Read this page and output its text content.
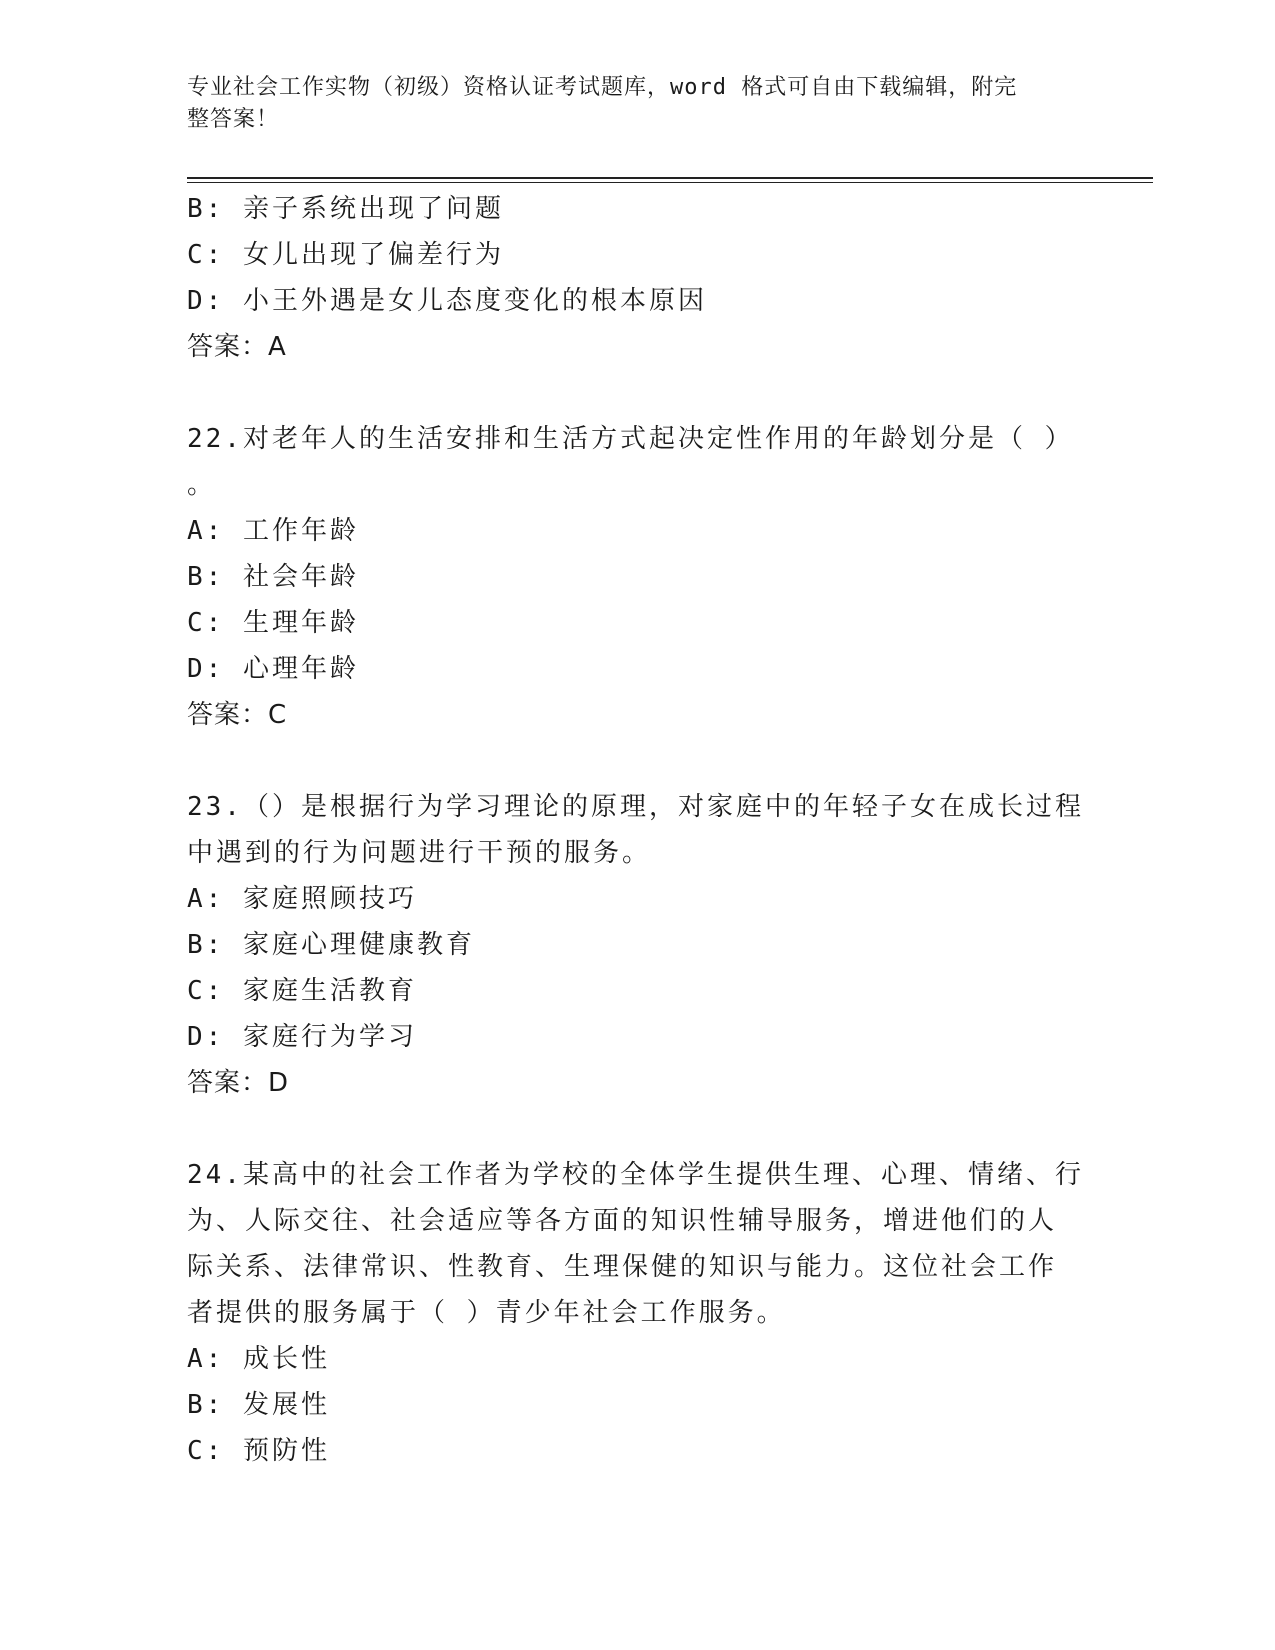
专业社会工作实物（初级）资格认证考试题库，word 格式可自由下载编辑，附完
整答案！
B: 亲子系统出现了问题
C: 女儿出现了偏差行为
D: 小王外遇是女儿态度变化的根本原因
答案：A
22.对老年人的生活安排和生活方式起决定性作用的年龄划分是（ ）
。
A: 工作年龄
B: 社会年龄
C: 生理年龄
D: 心理年龄
答案：C
23.（）是根据行为学习理论的原理，对家庭中的年轻子女在成长过程
中遇到的行为问题进行干预的服务。
A: 家庭照顾技巧
B: 家庭心理健康教育
C: 家庭生活教育
D: 家庭行为学习
答案：D
24.某高中的社会工作者为学校的全体学生提供生理、心理、情绪、行
为、人际交往、社会适应等各方面的知识性辅导服务，增进他们的人
际关系、法律常识、性教育、生理保健的知识与能力。这位社会工作
者提供的服务属于（ ）青少年社会工作服务。
A: 成长性
B: 发展性
C: 预防性
